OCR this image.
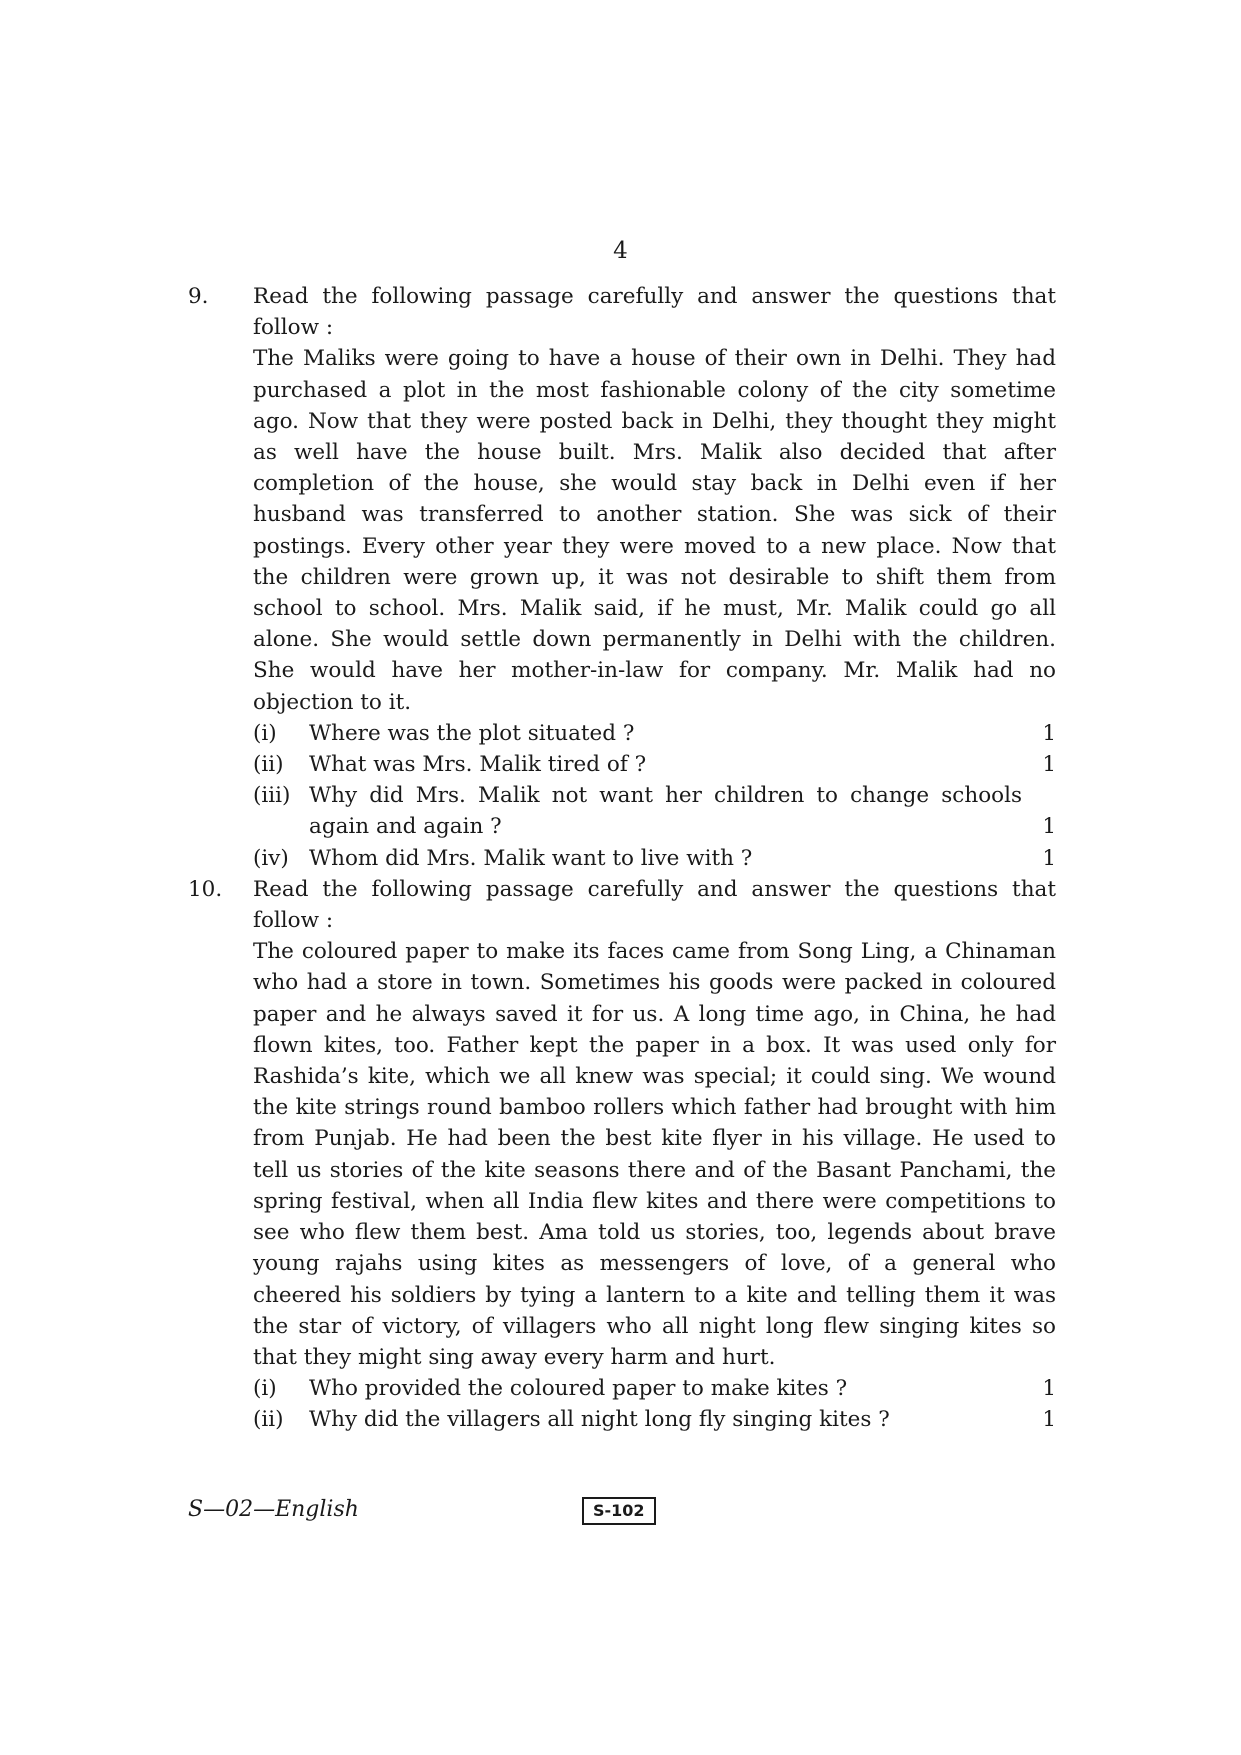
4
9. Read the following passage carefully and answer the questions that follow :
The Maliks were going to have a house of their own in Delhi. They had purchased a plot in the most fashionable colony of the city sometime ago. Now that they were posted back in Delhi, they thought they might as well have the house built. Mrs. Malik also decided that after completion of the house, she would stay back in Delhi even if her husband was transferred to another station. She was sick of their postings. Every other year they were moved to a new place. Now that the children were grown up, it was not desirable to shift them from school to school. Mrs. Malik said, if he must, Mr. Malik could go all alone. She would settle down permanently in Delhi with the children. She would have her mother-in-law for company. Mr. Malik had no objection to it.
(i) Where was the plot situated ?	1
(ii) What was Mrs. Malik tired of ?	1
(iii) Why did Mrs. Malik not want her children to change schools again and again ?	1
(iv) Whom did Mrs. Malik want to live with ?	1
10. Read the following passage carefully and answer the questions that follow :
The coloured paper to make its faces came from Song Ling, a Chinaman who had a store in town. Sometimes his goods were packed in coloured paper and he always saved it for us. A long time ago, in China, he had flown kites, too. Father kept the paper in a box. It was used only for Rashida’s kite, which we all knew was special; it could sing. We wound the kite strings round bamboo rollers which father had brought with him from Punjab. He had been the best kite flyer in his village. He used to tell us stories of the kite seasons there and of the Basant Panchami, the spring festival, when all India flew kites and there were competitions to see who flew them best. Ama told us stories, too, legends about brave young rajahs using kites as messengers of love, of a general who cheered his soldiers by tying a lantern to a kite and telling them it was the star of victory, of villagers who all night long flew singing kites so that they might sing away every harm and hurt.
(i) Who provided the coloured paper to make kites ?	1
(ii) Why did the villagers all night long fly singing kites ?	1
S—02—English	S-102
